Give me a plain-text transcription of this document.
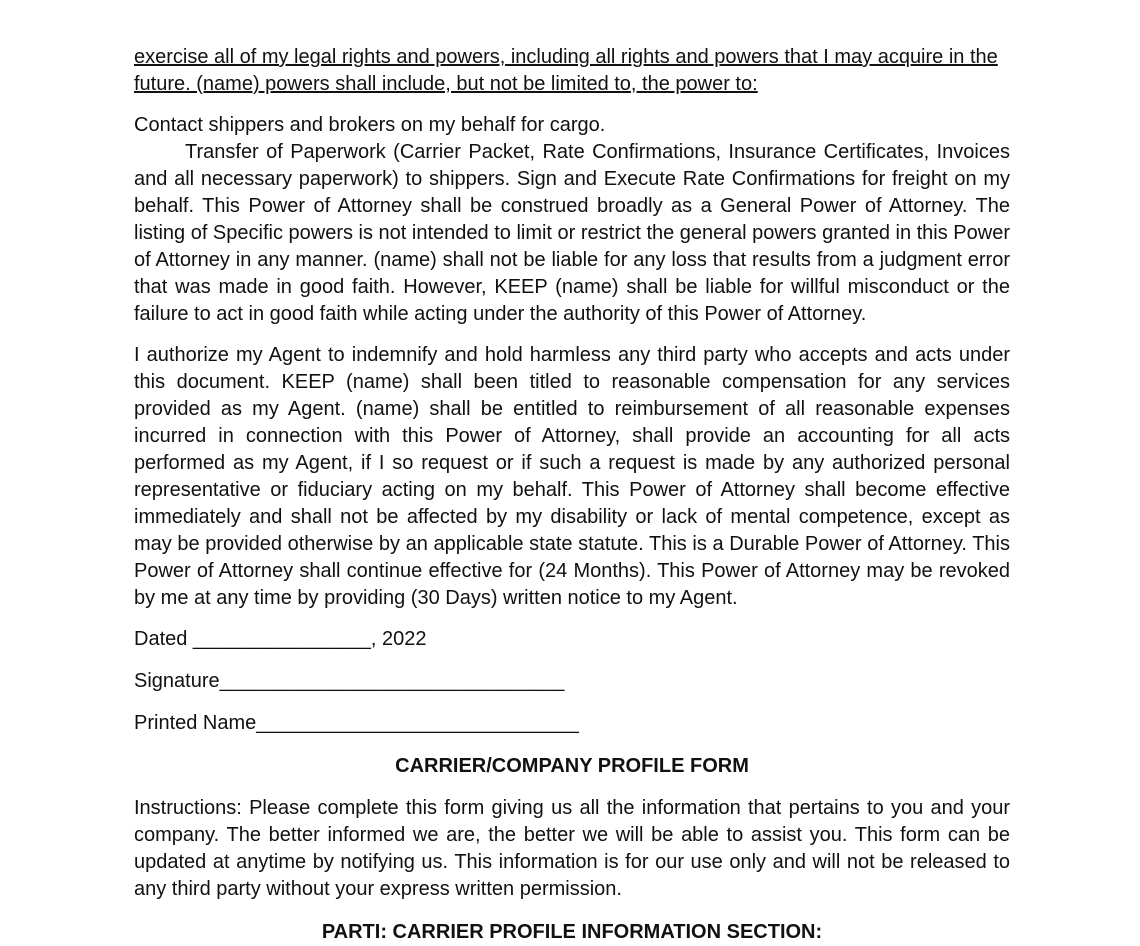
exercise all of my legal rights and powers, including all rights and powers that I may acquire in the

future. (name) powers shall include, but not be limited to, the power to:

Contact shippers and brokers on my behalf for cargo.

Transfer of Paperwork (Carrier Packet, Rate Confirmations, Insurance Certificates, Invoices and all necessary paperwork) to shippers. Sign and Execute Rate Confirmations for freight on my behalf. This Power of Attorney shall be construed broadly as a General Power of Attorney. The listing of Specific powers is not intended to limit or restrict the general powers granted in this Power of Attorney in any manner. (name) shall not be liable for any loss that results from a judgment error that was made in good faith. However, KEEP (name) shall be liable for willful misconduct or the failure to act in good faith while acting under the authority of this Power of Attorney.

I authorize my Agent to indemnify and hold harmless any third party who accepts and acts under this document. KEEP (name) shall been titled to reasonable compensation for any services provided as my Agent. (name) shall be entitled to reimbursement of all reasonable expenses incurred in connection with this Power of Attorney, shall provide an accounting for all acts performed as my Agent, if I so request or if such a request is made by any authorized personal representative or fiduciary acting on my behalf. This Power of Attorney shall become effective immediately and shall not be affected by my disability or lack of mental competence, except as may be provided otherwise by an applicable state statute. This is a Durable Power of Attorney. This Power of Attorney shall continue effective for (24 Months). This Power of Attorney may be revoked by me at any time by providing (30 Days) written notice to my Agent.

Dated ________________, 2022

Signature_______________________________

Printed Name_____________________________

CARRIER/COMPANY PROFILE FORM

Instructions: Please complete this form giving us all the information that pertains to you and your company. The better informed we are, the better we will be able to assist you. This form can be updated at anytime by notifying us. This information is for our use only and will not be released to any third party without your express written permission.

PARTI: CARRIER PROFILE INFORMATION SECTION:
